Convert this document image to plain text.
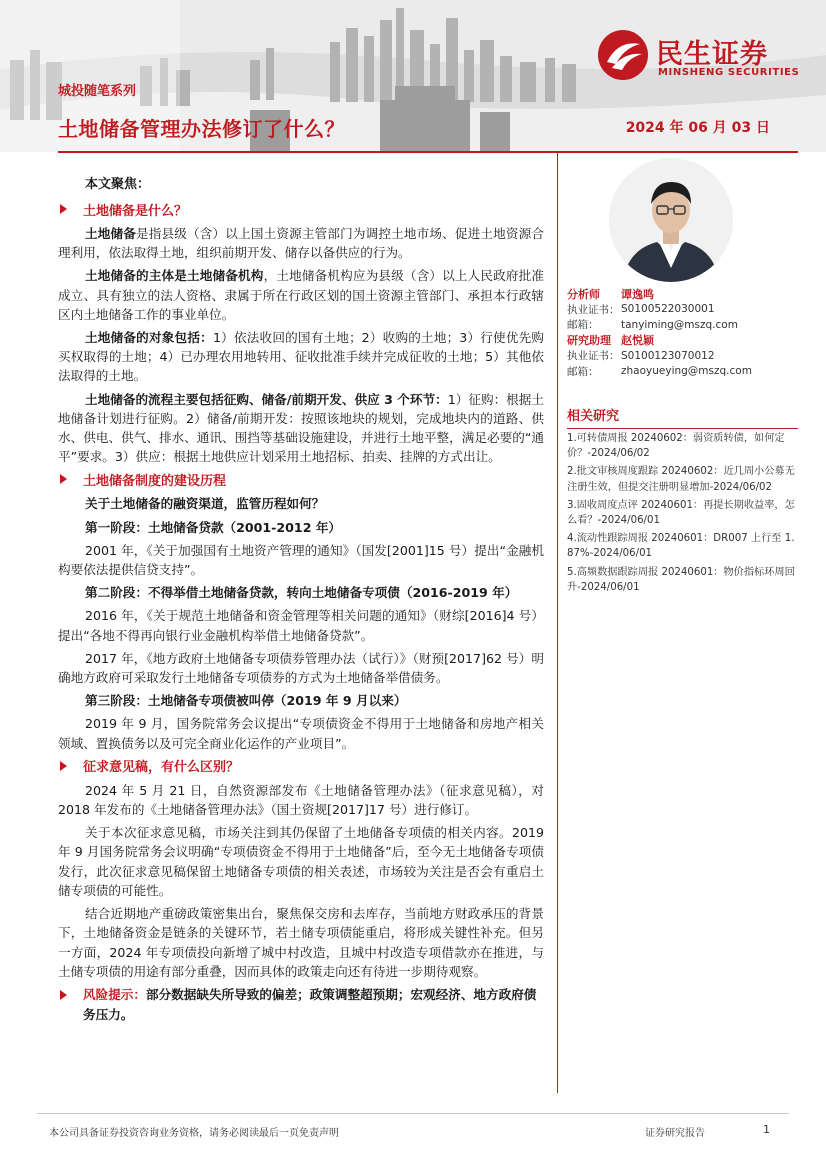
城投随笔系列
土地储备管理办法修订了什么？	2024 年 06 月 03 日
民生证券
MINSHENG SECURITIES
本文聚焦：
土地储备是什么？

土地储备是指县级（含）以上国土资源主管部门为调控土地市场、促进土地资源合理利用，依法取得土地，组织前期开发、储存以备供应的行为。

土地储备的主体是土地储备机构，土地储备机构应为县级（含）以上人民政府批准成立、具有独立的法人资格、隶属于所在行政区划的国土资源主管部门、承担本行政辖区内土地储备工作的事业单位。

土地储备的对象包括：1）依法收回的国有土地；2）收购的土地；3）行使优先购买权取得的土地；4）已办理农用地转用、征收批准手续并完成征收的土地；5）其他依法取得的土地。

土地储备的流程主要包括征购、储备/前期开发、供应 3 个环节：1）征购：根据土地储备计划进行征购。2）储备/前期开发：按照该地块的规划，完成地块内的道路、供水、供电、供气、排水、通讯、围挡等基础设施建设，并进行土地平整，满足必要的“通平”要求。3）供应：根据土地供应计划采用土地招标、拍卖、挂牌的方式出让。

土地储备制度的建设历程

关于土地储备的融资渠道，监管历程如何？

第一阶段：土地储备贷款（2001-2012 年）

2001 年，《关于加强国有土地资产管理的通知》（国发[2001]15 号）提出“金融机构要依法提供信贷支持”。

第二阶段：不得举借土地储备贷款，转向土地储备专项债（2016-2019 年）

2016 年，《关于规范土地储备和资金管理等相关问题的通知》（财综[2016]4 号）提出“各地不得再向银行业金融机构举借土地储备贷款”。

2017 年，《地方政府土地储备专项债券管理办法（试行）》（财预[2017]62 号）明确地方政府可采取发行土地储备专项债券的方式为土地储备举借债务。

第三阶段：土地储备专项债被叫停（2019 年 9 月以来）

2019 年 9 月，国务院常务会议提出“专项债资金不得用于土地储备和房地产相关领域、置换债务以及可完全商业化运作的产业项目”。

征求意见稿，有什么区别？

2024 年 5 月 21 日，自然资源部发布《土地储备管理办法》（征求意见稿），对 2018 年发布的《土地储备管理办法》（国土资规[2017]17 号）进行修订。

关于本次征求意见稿，市场关注到其仍保留了土地储备专项债的相关内容。2019 年 9 月国务院常务会议明确“专项债资金不得用于土地储备”后，至今无土地储备专项债发行，此次征求意见稿保留土地储备专项债的相关表述，市场较为关注是否会有重启土储专项债的可能性。

结合近期地产重磅政策密集出台，聚焦保交房和去库存，当前地方财政承压的背景下，土地储备资金是链条的关键环节，若土储专项债能重启，将形成关键性补充。但另一方面，2024 年专项债投向新增了城中村改造，且城中村改造专项借款亦在推进，与土储专项债的用途有部分重叠，因而具体的政策走向还有待进一步期待观察。

风险提示：部分数据缺失所导致的偏差；政策调整超预期；宏观经济、地方政府债务压力。
分析师	谭逸鸣
执业证书： S0100522030001
邮箱：	tanyiming@mszq.com
研究助理 赵悦颖
执业证书： S0100123070012
邮箱：	zhaoyueying@mszq.com
相关研究
1.可转债周报 20240602：弱资质转债，如何定价？-2024/06/02
2.批文审核周度跟踪 20240602：近几周小公募无注册生效，但提交注册明显增加-2024/06/02
3.固收周度点评 20240601：再提长期收益率，怎么看？-2024/06/01
4.流动性跟踪周报 20240601：DR007 上行至 1.87%-2024/06/01
5.高频数据跟踪周报 20240601：物价指标环周回升-2024/06/01
本公司具备证券投资咨询业务资格，请务必阅读最后一页免责声明	证券研究报告	1
